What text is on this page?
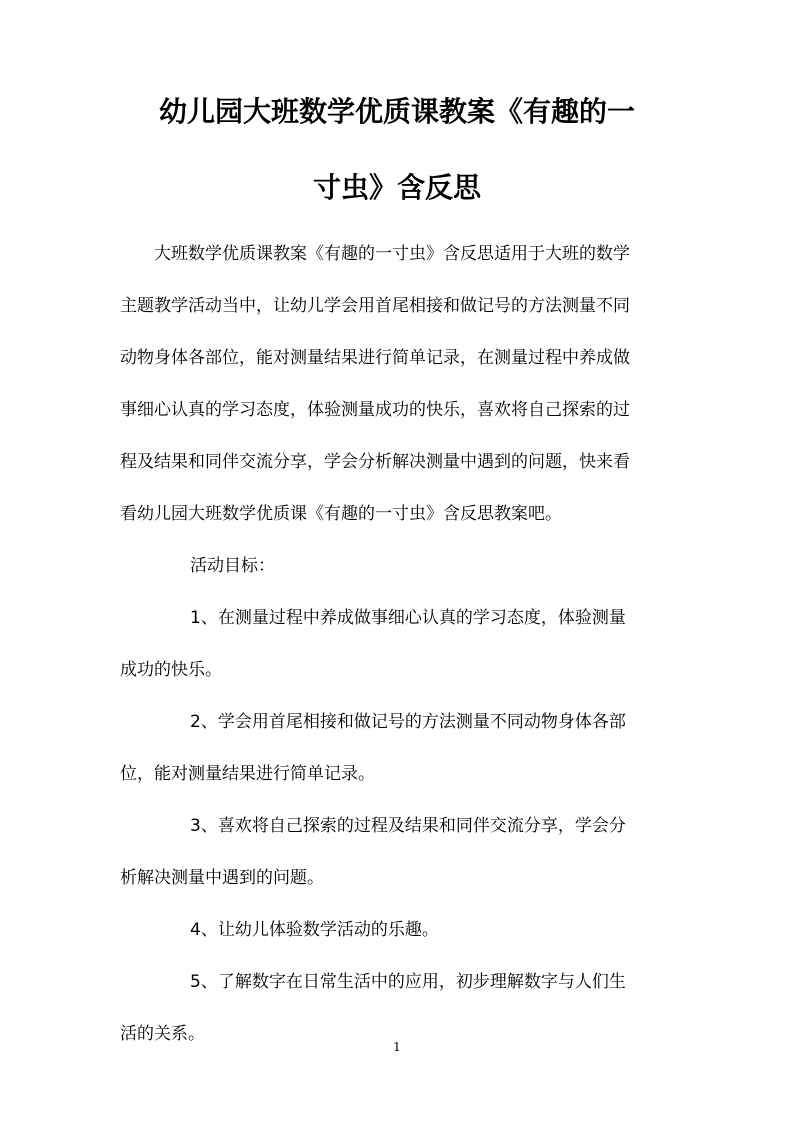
幼儿园大班数学优质课教案《有趣的一
寸虫》含反思
大班数学优质课教案《有趣的一寸虫》含反思适用于大班的数学
主题教学活动当中，让幼儿学会用首尾相接和做记号的方法测量不同
动物身体各部位，能对测量结果进行简单记录，在测量过程中养成做
事细心认真的学习态度，体验测量成功的快乐，喜欢将自己探索的过
程及结果和同伴交流分享，学会分析解决测量中遇到的问题，快来看
看幼儿园大班数学优质课《有趣的一寸虫》含反思教案吧。
活动目标：
1、在测量过程中养成做事细心认真的学习态度，体验测量
成功的快乐。
2、学会用首尾相接和做记号的方法测量不同动物身体各部
位，能对测量结果进行简单记录。
3、喜欢将自己探索的过程及结果和同伴交流分享，学会分
析解决测量中遇到的问题。
4、让幼儿体验数学活动的乐趣。
5、了解数字在日常生活中的应用，初步理解数字与人们生
活的关系。
1
